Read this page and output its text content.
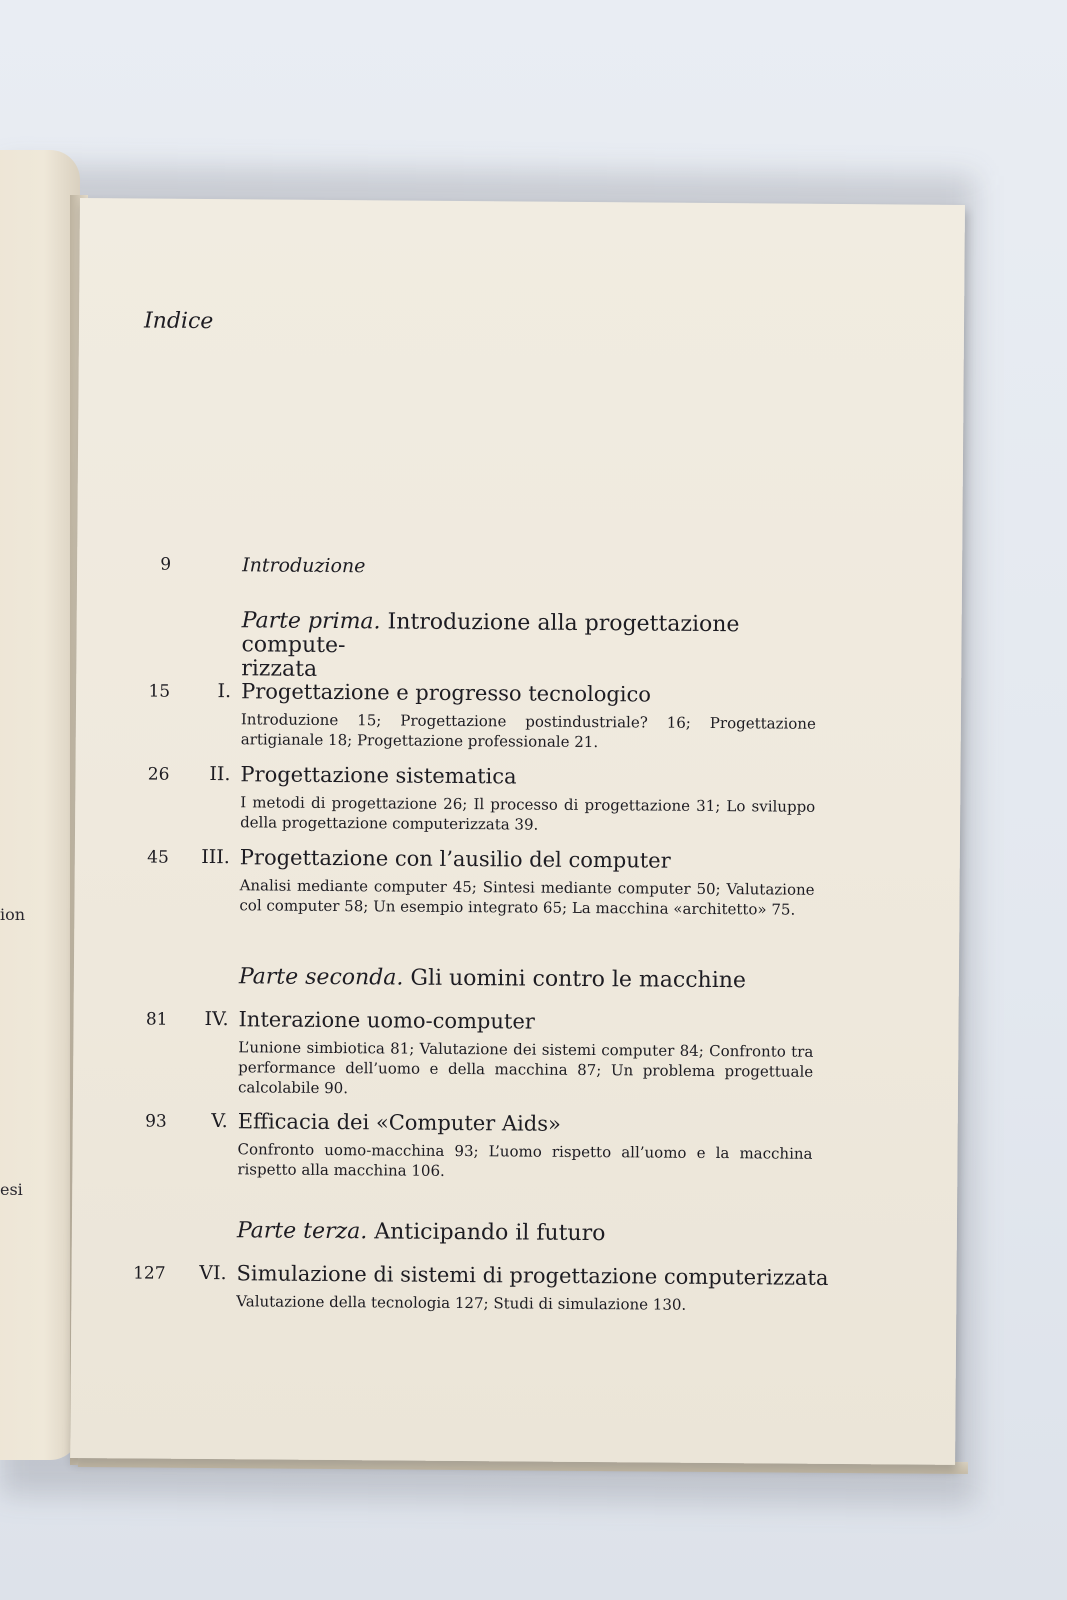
ion
esi
Indice
9	Introduzione
Parte prima. Introduzione alla progettazione compute-
rizzata
15	I. Progettazione e progresso tecnologico
Introduzione 15; Progettazione postindustriale? 16; Progettazione artigianale 18; Progettazione professionale 21.
26	II. Progettazione sistematica
I metodi di progettazione 26; Il processo di progettazione 31; Lo sviluppo della progettazione computerizzata 39.
45	III. Progettazione con l’ausilio del computer
Analisi mediante computer 45; Sintesi mediante computer 50; Valutazione col computer 58; Un esempio integrato 65; La macchina «architetto» 75.
Parte seconda. Gli uomini contro le macchine
81	IV. Interazione uomo-computer
L’unione simbiotica 81; Valutazione dei sistemi computer 84; Confronto tra performance dell’uomo e della macchina 87; Un problema progettuale calcolabile 90.
93	V. Efficacia dei «Computer Aids»
Confronto uomo-macchina 93; L’uomo rispetto all’uomo e la macchina rispetto alla macchina 106.
Parte terza. Anticipando il futuro
127	VI. Simulazione di sistemi di progettazione computerizzata
Valutazione della tecnologia 127; Studi di simulazione 130.
